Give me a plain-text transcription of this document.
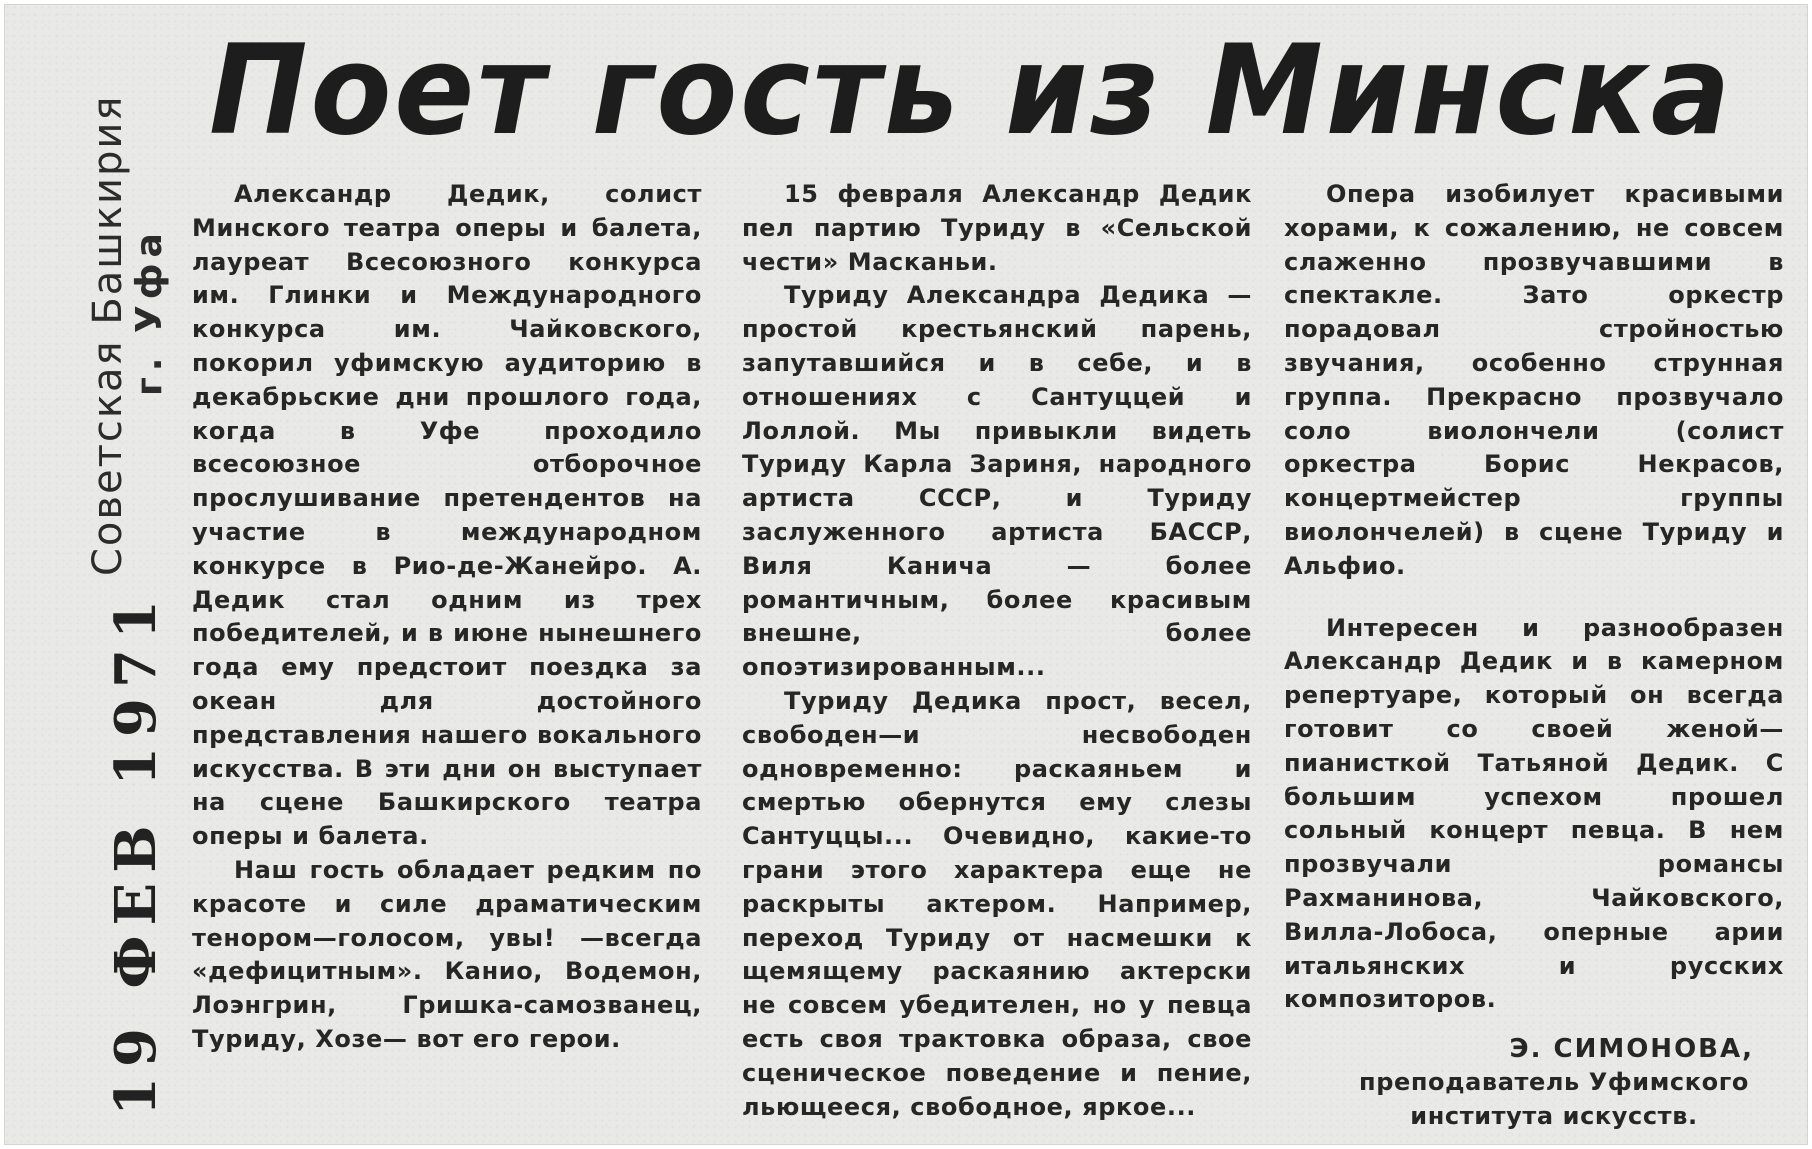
Советская Башкирия
г. Уфа
19 ФЕВ 1971
Поет гость из Минска

Александр Дедик, солист Минского театра оперы и балета, лауреат Всесоюзного конкурса им. Глинки и Международного конкурса им. Чайковского, покорил уфимскую аудиторию в декабрьские дни прошлого года, когда в Уфе проходило всесоюзное отборочное прослушивание претендентов на участие в международном конкурсе в Рио-де-Жанейро. А. Дедик стал одним из трех победителей, и в июне нынешнего года ему предстоит поездка за океан для достойного представления нашего вокального искусства. В эти дни он выступает на сцене Башкирского театра оперы и балета.

Наш гость обладает редким по красоте и силе драматическим тенором—голосом, увы! —всегда «дефицитным». Канио, Водемон, Лоэнгрин, Гришка-самозванец, Туриду, Хозе— вот его герои.

15 февраля Александр Дедик пел партию Туриду в «Сельской чести» Масканьи.

Туриду Александра Дедика —простой крестьянский парень, запутавшийся и в себе, и в отношениях с Сантуццей и Лоллой. Мы привыкли видеть Туриду Карла Зариня, народного артиста СССР, и Туриду заслуженного артиста БАССР, Виля Канича — более романтичным, более красивым внешне, более опоэтизированным...

Туриду Дедика прост, весел, свободен—и несвободен одновременно: раскаяньем и смертью обернутся ему слезы Сантуццы... Очевидно, какие-то грани этого характера еще не раскрыты актером. Например, переход Туриду от насмешки к щемящему раскаянию актерски не совсем убедителен, но у певца есть своя трактовка образа, свое сценическое поведение и пение, льющееся, свободное, яркое...

Опера изобилует красивыми хорами, к сожалению, не совсем слаженно прозвучавшими в спектакле. Зато оркестр порадовал стройностью звучания, особенно струнная группа. Прекрасно прозвучало соло виолончели (солист оркестра Борис Некрасов, концертмейстер группы виолончелей) в сцене Туриду и Альфио.

Интересен и разнообразен Александр Дедик и в камерном репертуаре, который он всегда готовит со своей женой—пианисткой Татьяной Дедик. С большим успехом прошел сольный концерт певца. В нем прозвучали романсы Рахманинова, Чайковского, Вилла-Лобоса, оперные арии итальянских и русских композиторов.

Э. СИМОНОВА,
преподаватель Уфимского института искусств.
